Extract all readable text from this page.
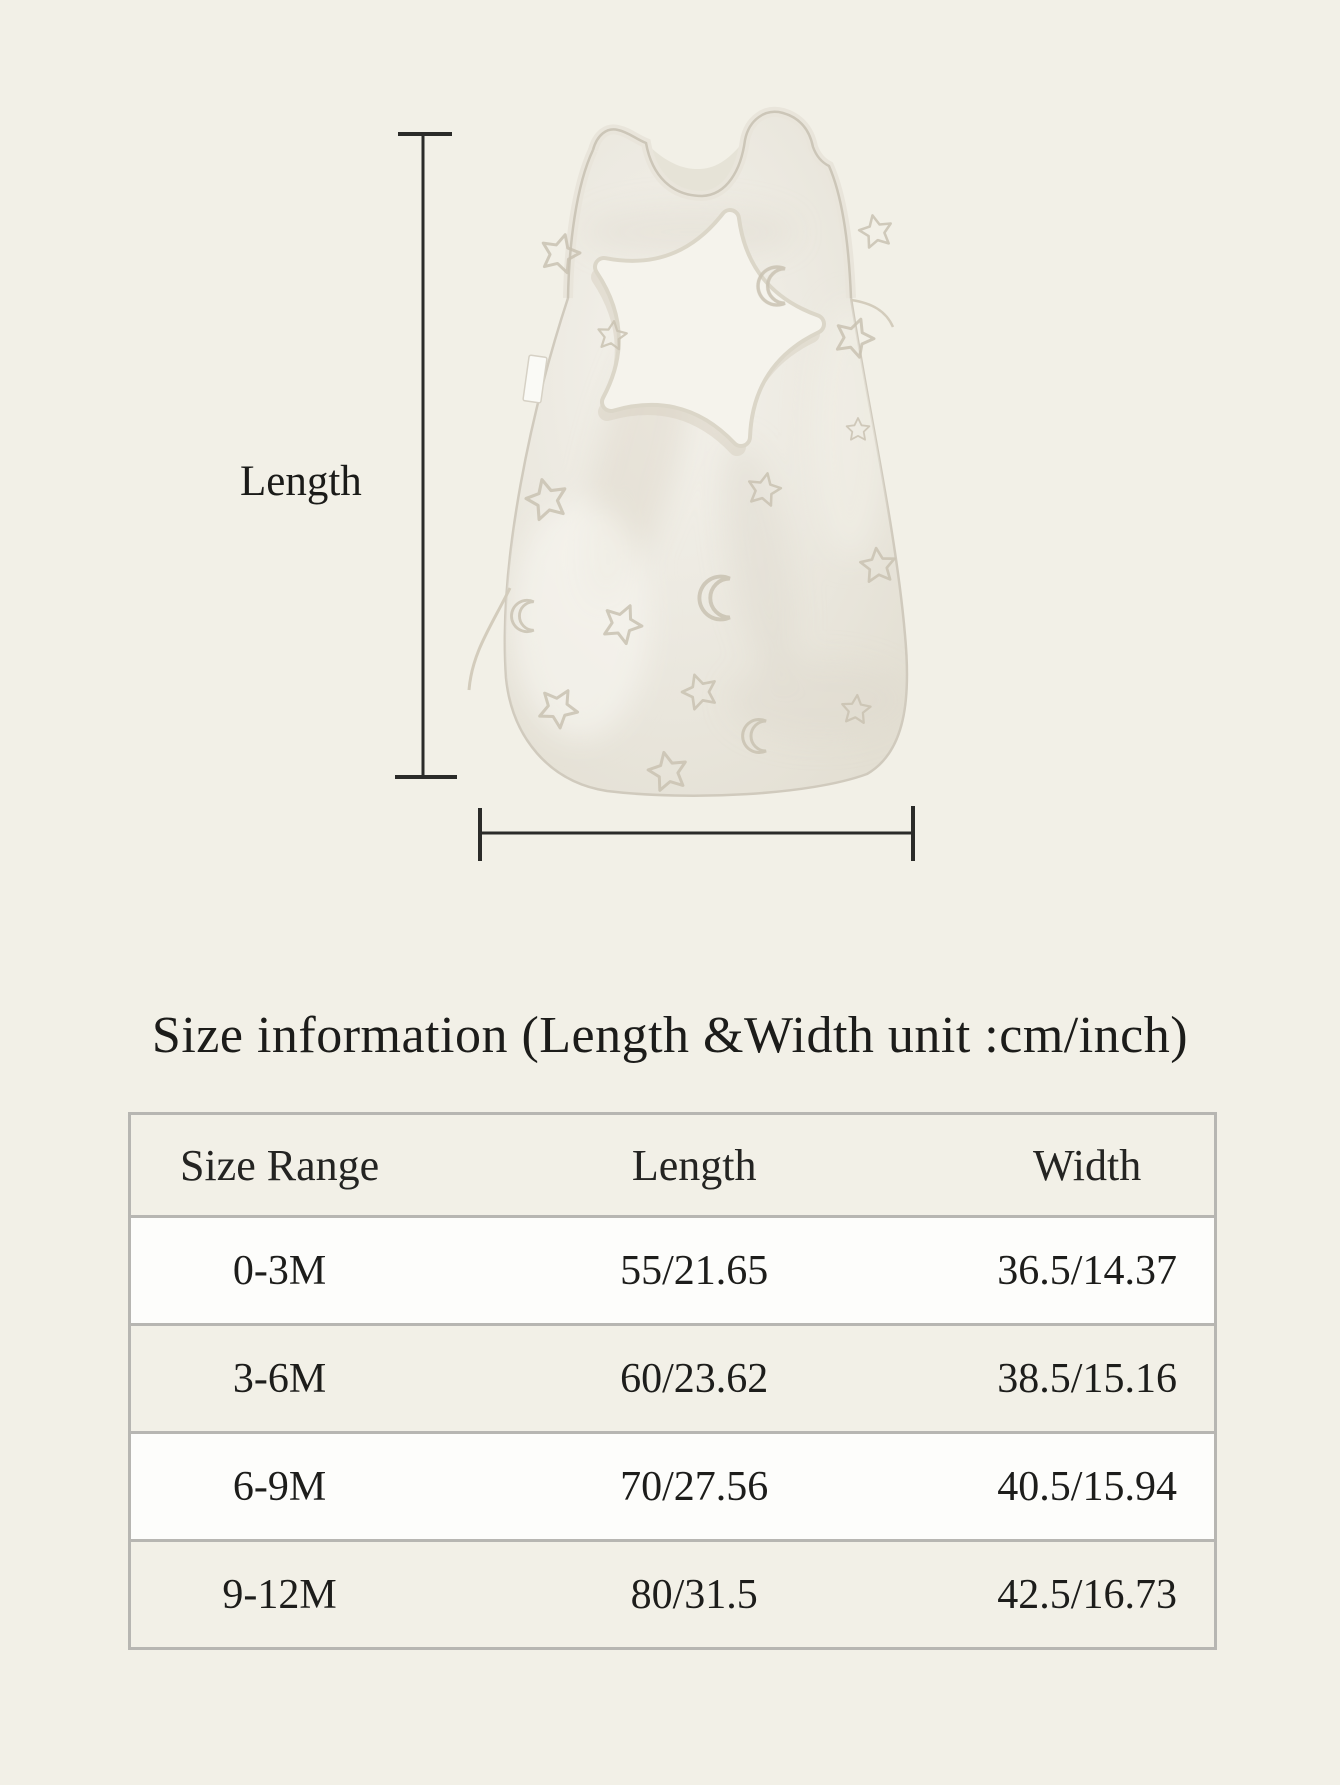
Length
Size information (Length &Width unit :cm/inch)
Size Range	Length	Width
0-3M	55/21.65	36.5/14.37
3-6M	60/23.62	38.5/15.16
6-9M	70/27.56	40.5/15.94
9-12M	80/31.5	42.5/16.73
